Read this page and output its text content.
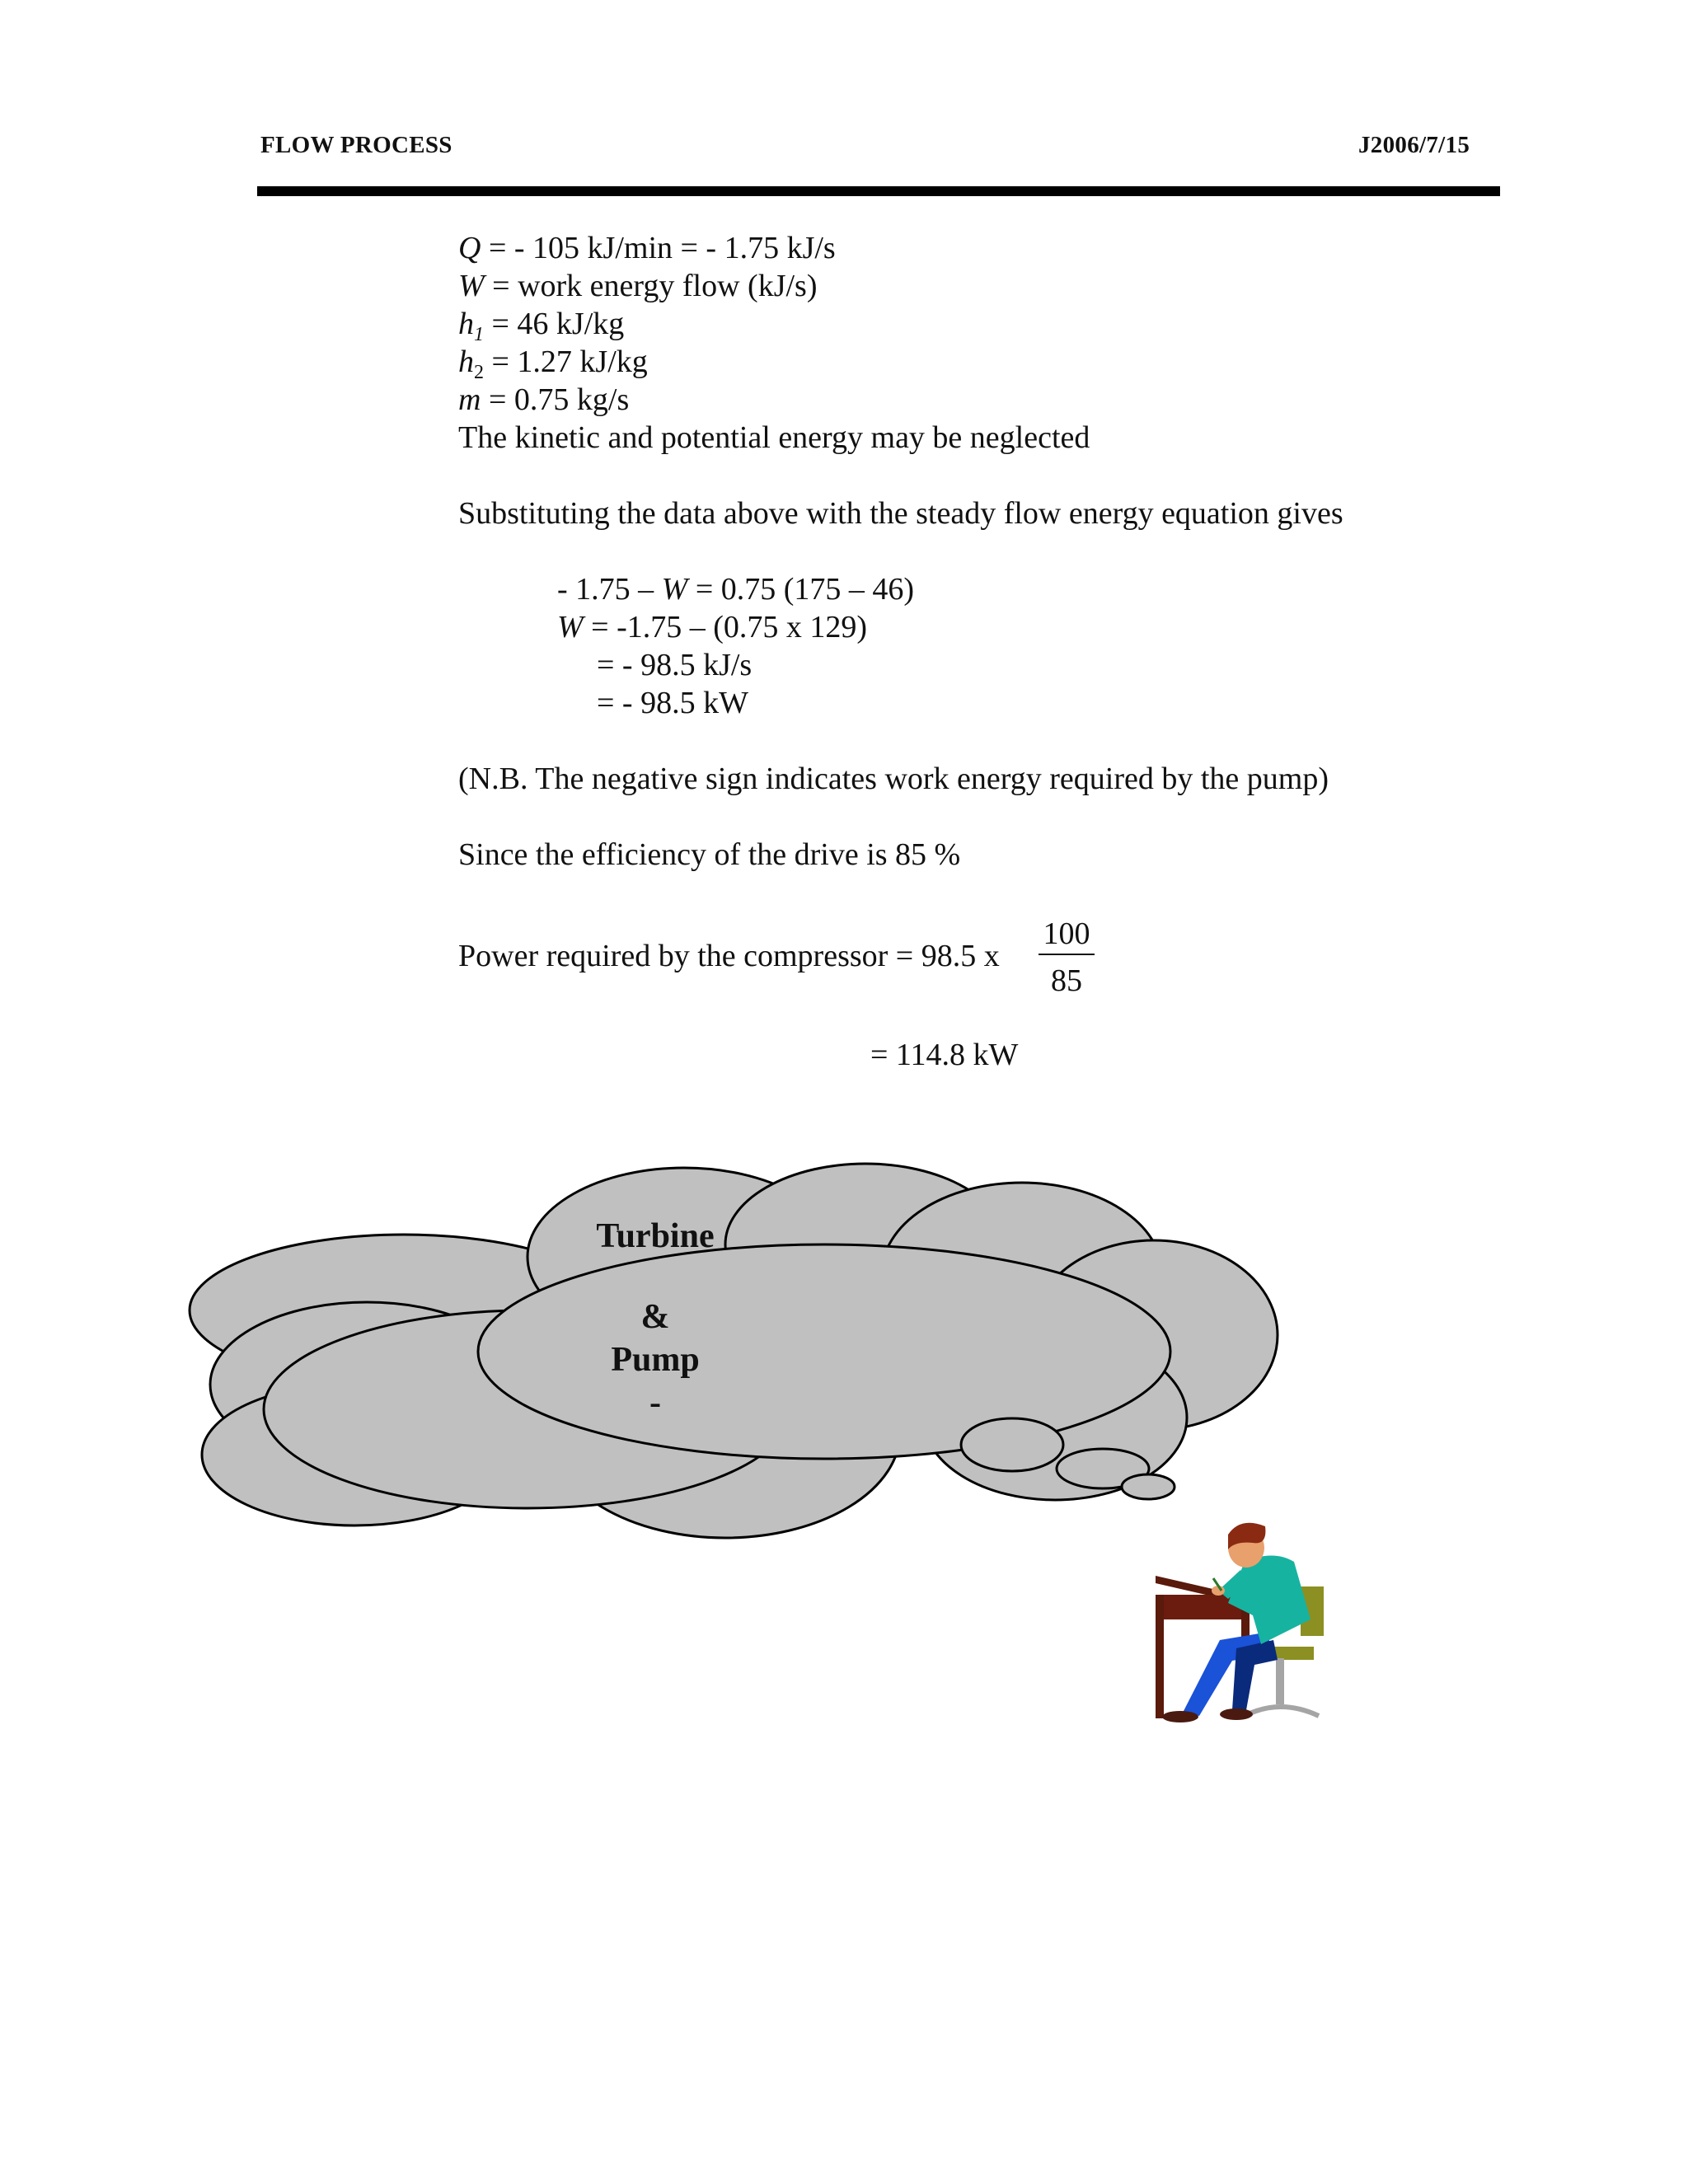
FLOW PROCESS	J2006/7/15
Q = - 105 kJ/min = - 1.75 kJ/s
W = work energy flow (kJ/s)
$h_1 = 46$ kJ/kg
$h_2 = 1.27$ kJ/kg
m = 0.75 kg/s
The kinetic and potential energy may be neglected
Substituting the data above with the steady flow energy equation gives
- 1.75 – W = 0.75 (175 – 46)
W = -1.75 – (0.75 x 129)
= - 98.5 kJ/s
= - 98.5 kW
(N.B. The negative sign indicates work energy required by the pump)
Since the efficiency of the drive is 85 %
Power required by the compressor = 98.5 x
100
85
= 114.8 kW
Turbine
&
Pump
-
